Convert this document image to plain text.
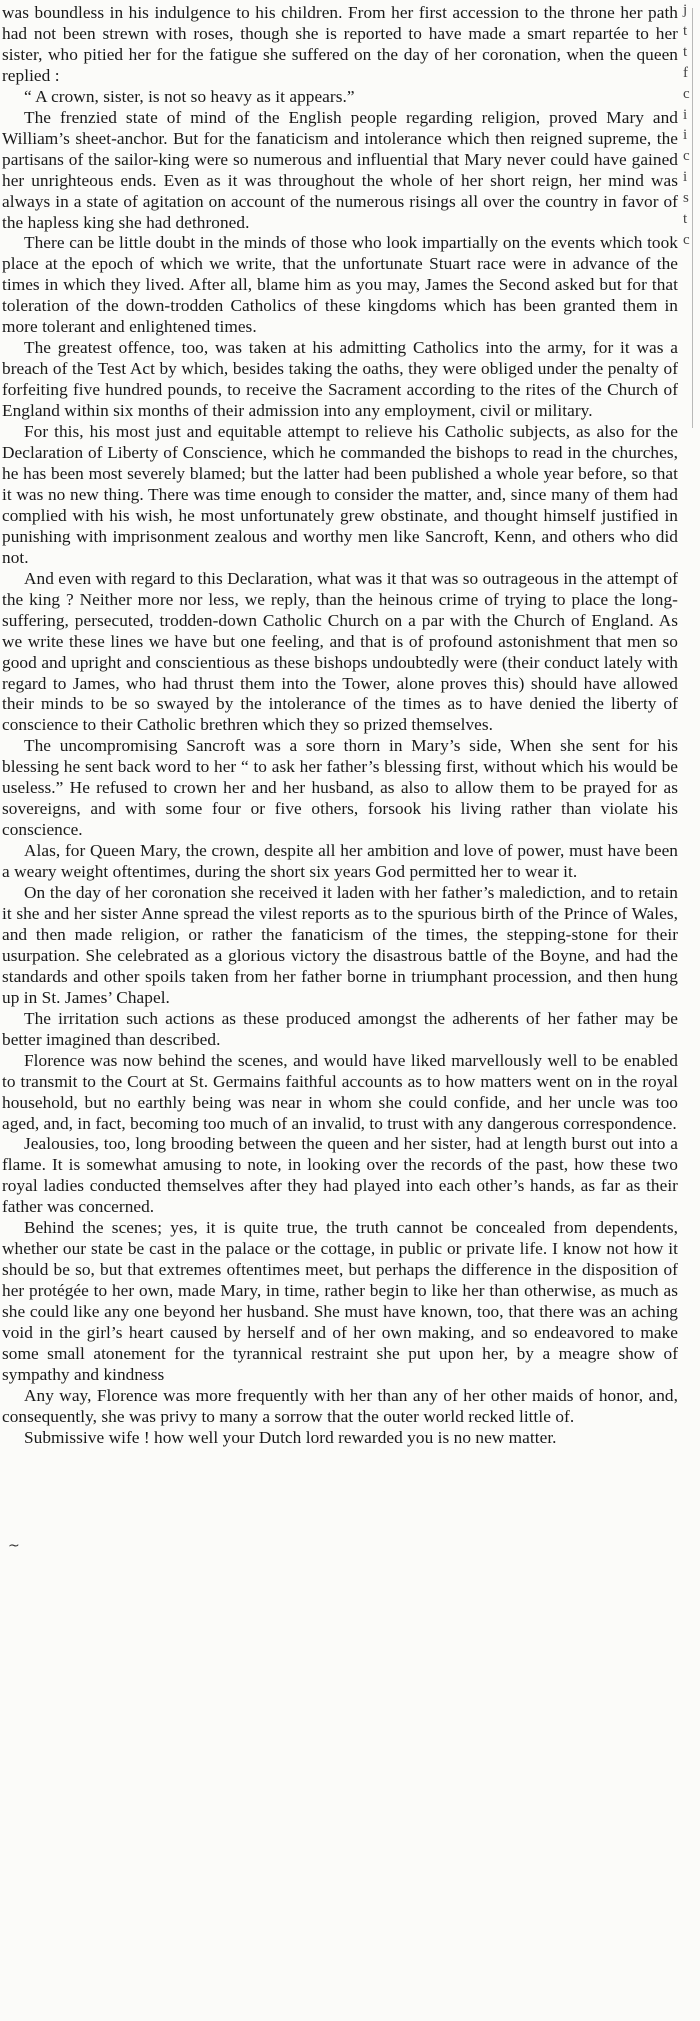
was boundless in his indulgence to his children. From her first accession to the throne her path had not been strewn with roses, though she is reported to have made a smart repartée to her sister, who pitied her for the fatigue she suffered on the day of her coronation, when the queen replied :

“ A crown, sister, is not so heavy as it appears.”

The frenzied state of mind of the English people regarding religion, proved Mary and William’s sheet-anchor. But for the fanaticism and intolerance which then reigned supreme, the partisans of the sailor-king were so numerous and influential that Mary never could have gained her unrighteous ends. Even as it was throughout the whole of her short reign, her mind was always in a state of agitation on account of the numerous risings all over the country in favor of the hapless king she had dethroned.

There can be little doubt in the minds of those who look impartially on the events which took place at the epoch of which we write, that the unfortunate Stuart race were in advance of the times in which they lived. After all, blame him as you may, James the Second asked but for that toleration of the down-trodden Catholics of these kingdoms which has been granted them in more tolerant and enlightened times.

The greatest offence, too, was taken at his admitting Catholics into the army, for it was a breach of the Test Act by which, besides taking the oaths, they were obliged under the penalty of forfeiting five hundred pounds, to receive the Sacrament according to the rites of the Church of England within six months of their admission into any employment, civil or military.

For this, his most just and equitable attempt to relieve his Catholic subjects, as also for the Declaration of Liberty of Conscience, which he commanded the bishops to read in the churches, he has been most severely blamed; but the latter had been published a whole year before, so that it was no new thing. There was time enough to consider the matter, and, since many of them had complied with his wish, he most unfortunately grew obstinate, and thought himself justified in punishing with imprisonment zealous and worthy men like Sancroft, Kenn, and others who did not.

And even with regard to this Declaration, what was it that was so outrageous in the attempt of the king ? Neither more nor less, we reply, than the heinous crime of trying to place the long-suffering, persecuted, trodden-down Catholic Church on a par with the Church of England. As we write these lines we have but one feeling, and that is of profound astonishment that men so good and upright and conscientious as these bishops undoubtedly were (their conduct lately with regard to James, who had thrust them into the Tower, alone proves this) should have allowed their minds to be so swayed by the intolerance of the times as to have denied the liberty of conscience to their Catholic brethren which they so prized themselves.

The uncompromising Sancroft was a sore thorn in Mary’s side, When she sent for his blessing he sent back word to her “ to ask her father’s blessing first, without which his would be useless.” He refused to crown her and her husband, as also to allow them to be prayed for as sovereigns, and with some four or five others, forsook his living rather than violate his conscience.

Alas, for Queen Mary, the crown, despite all her ambition and love of power, must have been a weary weight oftentimes, during the short six years God permitted her to wear it.

On the day of her coronation she received it laden with her father’s malediction, and to retain it she and her sister Anne spread the vilest reports as to the spurious birth of the Prince of Wales, and then made religion, or rather the fanaticism of the times, the stepping-stone for their usurpation. She celebrated as a glorious victory the disastrous battle of the Boyne, and had the standards and other spoils taken from her father borne in triumphant procession, and then hung up in St. James’ Chapel.

The irritation such actions as these produced amongst the adherents of her father may be better imagined than described.

Florence was now behind the scenes, and would have liked marvellously well to be enabled to transmit to the Court at St. Germains faithful accounts as to how matters went on in the royal household, but no earthly being was near in whom she could confide, and her uncle was too aged, and, in fact, becoming too much of an invalid, to trust with any dangerous correspondence.

Jealousies, too, long brooding between the queen and her sister, had at length burst out into a flame. It is somewhat amusing to note, in looking over the records of the past, how these two royal ladies conducted themselves after they had played into each other’s hands, as far as their father was concerned.

Behind the scenes; yes, it is quite true, the truth cannot be concealed from dependents, whether our state be cast in the palace or the cottage, in public or private life. I know not how it should be so, but that extremes oftentimes meet, but perhaps the difference in the disposition of her protégée to her own, made Mary, in time, rather begin to like her than otherwise, as much as she could like any one beyond her husband. She must have known, too, that there was an aching void in the girl’s heart caused by herself and of her own making, and so endeavored to make some small atonement for the tyrannical restraint she put upon her, by a meagre show of sympathy and kindness

Any way, Florence was more frequently with her than any of her other maids of honor, and, consequently, she was privy to many a sorrow that the outer world recked little of.

Submissive wife ! how well your Dutch lord rewarded you is no new matter.

j
t
t
f
c
i
i
c
i
s
t
c
~
